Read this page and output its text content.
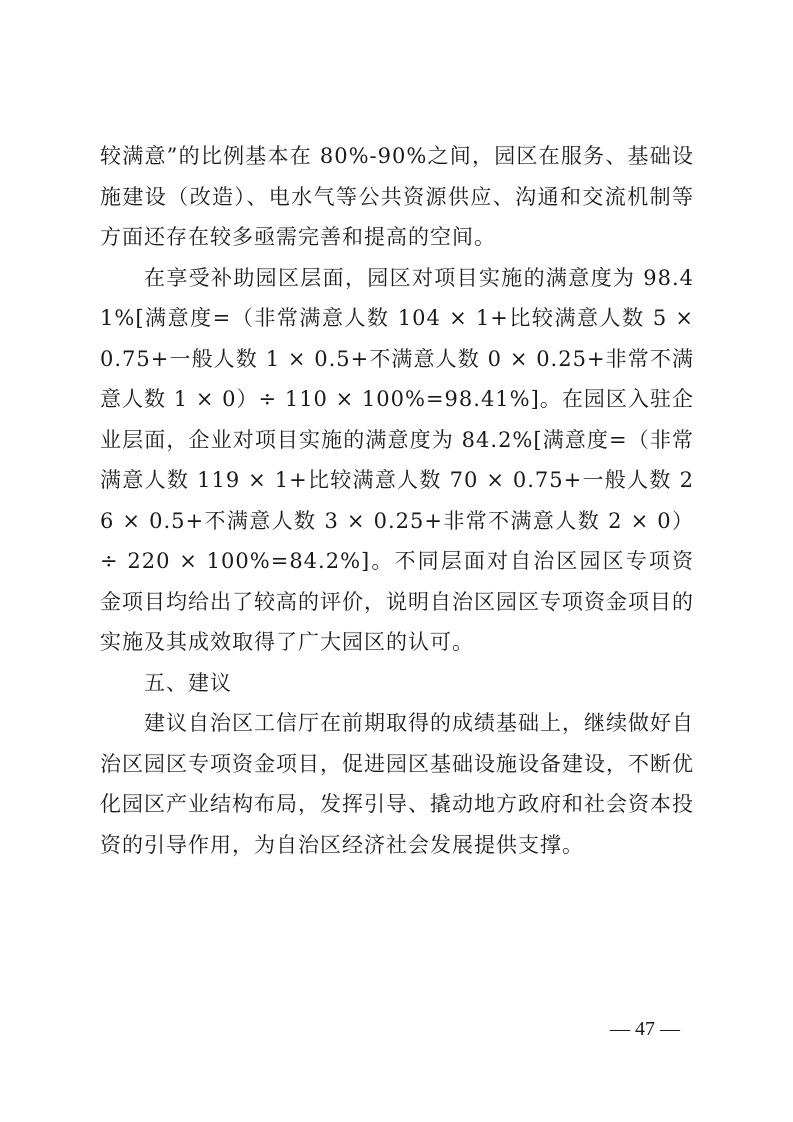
较满意”的比例基本在 80%-90%之间，园区在服务、基础设施建设（改造）、电水气等公共资源供应、沟通和交流机制等方面还存在较多亟需完善和提高的空间。

在享受补助园区层面，园区对项目实施的满意度为 98.41%[满意度=（非常满意人数 104 × 1+比较满意人数 5 × 0.75+一般人数 1 × 0.5+不满意人数 0 × 0.25+非常不满意人数 1 × 0）÷ 110 × 100%=98.41%]。在园区入驻企业层面，企业对项目实施的满意度为 84.2%[满意度=（非常满意人数 119 × 1+比较满意人数 70 × 0.75+一般人数 26 × 0.5+不满意人数 3 × 0.25+非常不满意人数 2 × 0）÷ 220 × 100%=84.2%]。不同层面对自治区园区专项资金项目均给出了较高的评价，说明自治区园区专项资金项目的实施及其成效取得了广大园区的认可。

五、建议

建议自治区工信厅在前期取得的成绩基础上，继续做好自治区园区专项资金项目，促进园区基础设施设备建设，不断优化园区产业结构布局，发挥引导、撬动地方政府和社会资本投资的引导作用，为自治区经济社会发展提供支撑。

— 47 —
